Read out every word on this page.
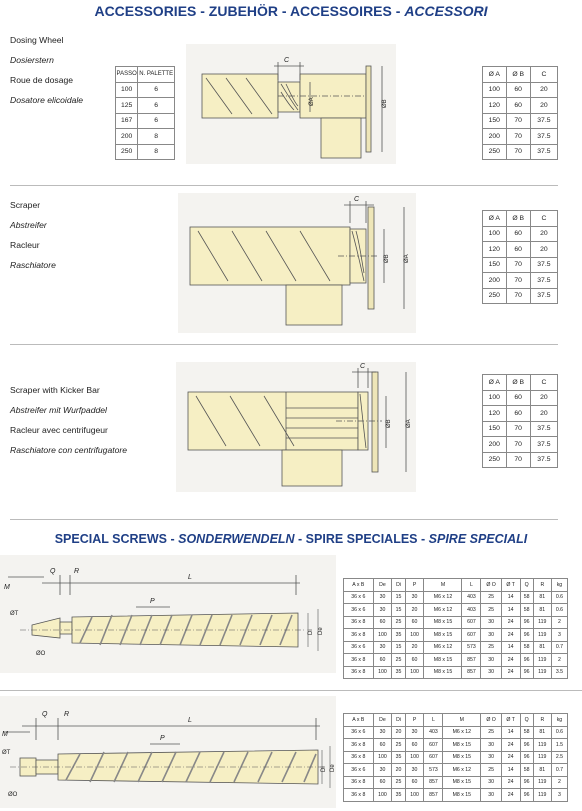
ACCESSORIES - ZUBEHÖR - ACCESSOIRES - ACCESSORI
Dosing Wheel
Dosierstern
Roue de dosage
Dosatore elicoidale
PASSO	N. PALETTE
100	6
125	6
167	6
200	8
250	8
C
ØA	ØB
Ø A	Ø B	C
100	60	20
120	60	20
150	70	37.5
200	70	37.5
250	70	37.5
Scraper
Abstreifer
Racleur
Raschiatore
C
ØB ØA
Ø A	Ø B	C
100	60	20
120	60	20
150	70	37.5
200	70	37.5
250	70	37.5
Scraper with Kicker Bar
Abstreifer mit Wurfpaddel
Racleur avec centrifugeur
Raschiatore con centrifugatore
C
ØB ØA
Ø A	Ø B	C
100	60	20
120	60	20
150	70	37.5
200	70	37.5
250	70	37.5
SPECIAL SCREWS - SONDERWENDELN - SPIRE SPECIALES - SPIRE SPECIALI
Q	R
L
M
ØT
P
Di De
ØO
A x B	De	Di	P	M	L	Ø O	Ø T	Q	R	kg
36 x 6	30	15	30	M6 x 12	403	25	14	58	81	0.6
36 x 6	30	15	20	M6 x 12	403	25	14	58	81	0.6
36 x 8	60	25	60	M8 x 15	607	30	24	96	119	2
36 x 8	100	35	100	M8 x 15	607	30	24	96	119	3
36 x 6	30	15	20	M6 x 12	573	25	14	58	81	0.7
36 x 8	60	25	60	M8 x 15	857	30	24	96	119	2
36 x 8	100	35	100	M8 x 15	857	30	24	96	119	3.5
Q R
L
M
ØT
P
Di De
ØO
A x B	De	Di	P	L	M	Ø O	Ø T	Q	R	kg
36 x 6	30	20	30	403	M6 x 12	25	14	58	81	0.6
36 x 8	60	25	60	607	M8 x 15	30	24	96	119	1.5
36 x 8	100	35	100	607	M8 x 15	30	24	96	119	2.5
36 x 6	30	20	30	573	M6 x 12	25	14	58	81	0.7
36 x 8	60	25	60	857	M8 x 15	30	24	96	119	2
36 x 8	100	35	100	857	M8 x 15	30	24	96	119	3
